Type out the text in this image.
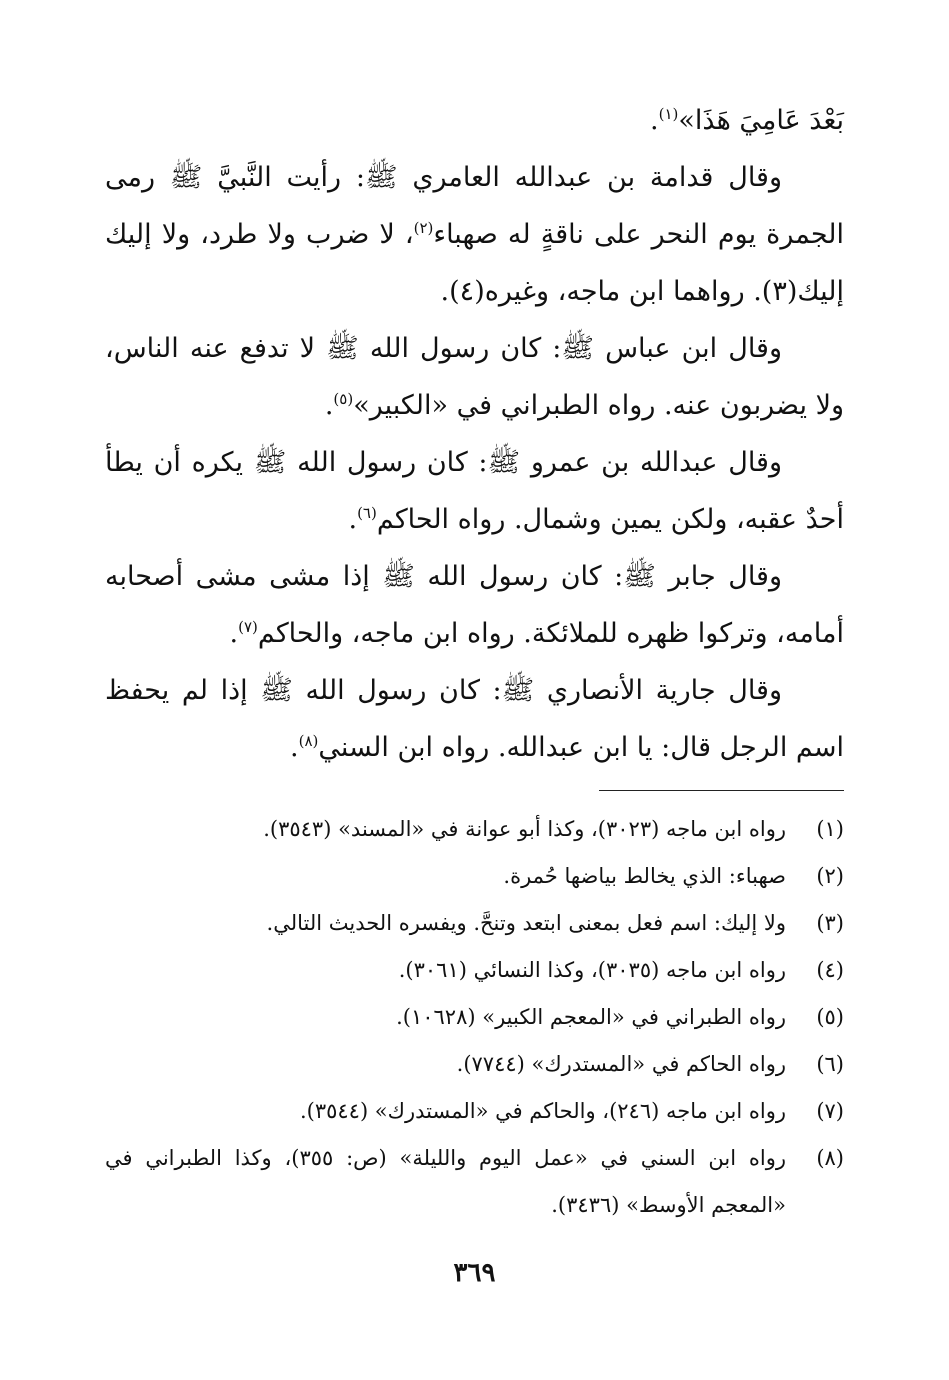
بَعْدَ عَامِيَ هَذَا»$^{(١)}$.

وقال قدامة بن عبدالله العامري ﷺ: رأيت النَّبيَّ ﷺ رمى الجمرة يوم النحر على ناقةٍ له صهباء$^{(٢)}$، لا ضرب ولا طرد، ولا إليك إليك(٣). رواهما ابن ماجه، وغيره(٤).

وقال ابن عباس ﷺ: كان رسول الله ﷺ لا تدفع عنه الناس، ولا يضربون عنه. رواه الطبراني في «الكبير»$^{(٥)}$.

وقال عبدالله بن عمرو ﷺ: كان رسول الله ﷺ يكره أن يطأ أحدٌ عقبه، ولكن يمين وشمال. رواه الحاكم$^{(٦)}$.

وقال جابر ﷺ: كان رسول الله ﷺ إذا مشى مشى أصحابه أمامه، وتركوا ظهره للملائكة. رواه ابن ماجه، والحاكم$^{(٧)}$.

وقال جارية الأنصاري ﷺ: كان رسول الله ﷺ إذا لم يحفظ اسم الرجل قال: يا ابن عبدالله. رواه ابن السني$^{(٨)}$.

(١)
رواه ابن ماجه (٣٠٢٣)، وكذا أبو عوانة في «المسند» (٣٥٤٣).
(٢)
صهباء: الذي يخالط بياضها حُمرة.
(٣)
ولا إليك: اسم فعل بمعنى ابتعد وتنحَّ. ويفسره الحديث التالي.
(٤)
رواه ابن ماجه (٣٠٣٥)، وكذا النسائي (٣٠٦١).
(٥)
رواه الطبراني في «المعجم الكبير» (١٠٦٢٨).
(٦)
رواه الحاكم في «المستدرك» (٧٧٤٤).
(٧)
رواه ابن ماجه (٢٤٦)، والحاكم في «المستدرك» (٣٥٤٤).
(٨)
رواه ابن السني في «عمل اليوم والليلة» (ص: ٣٥٥)، وكذا الطبراني في «المعجم الأوسط» (٣٤٣٦).
٣٦٩
